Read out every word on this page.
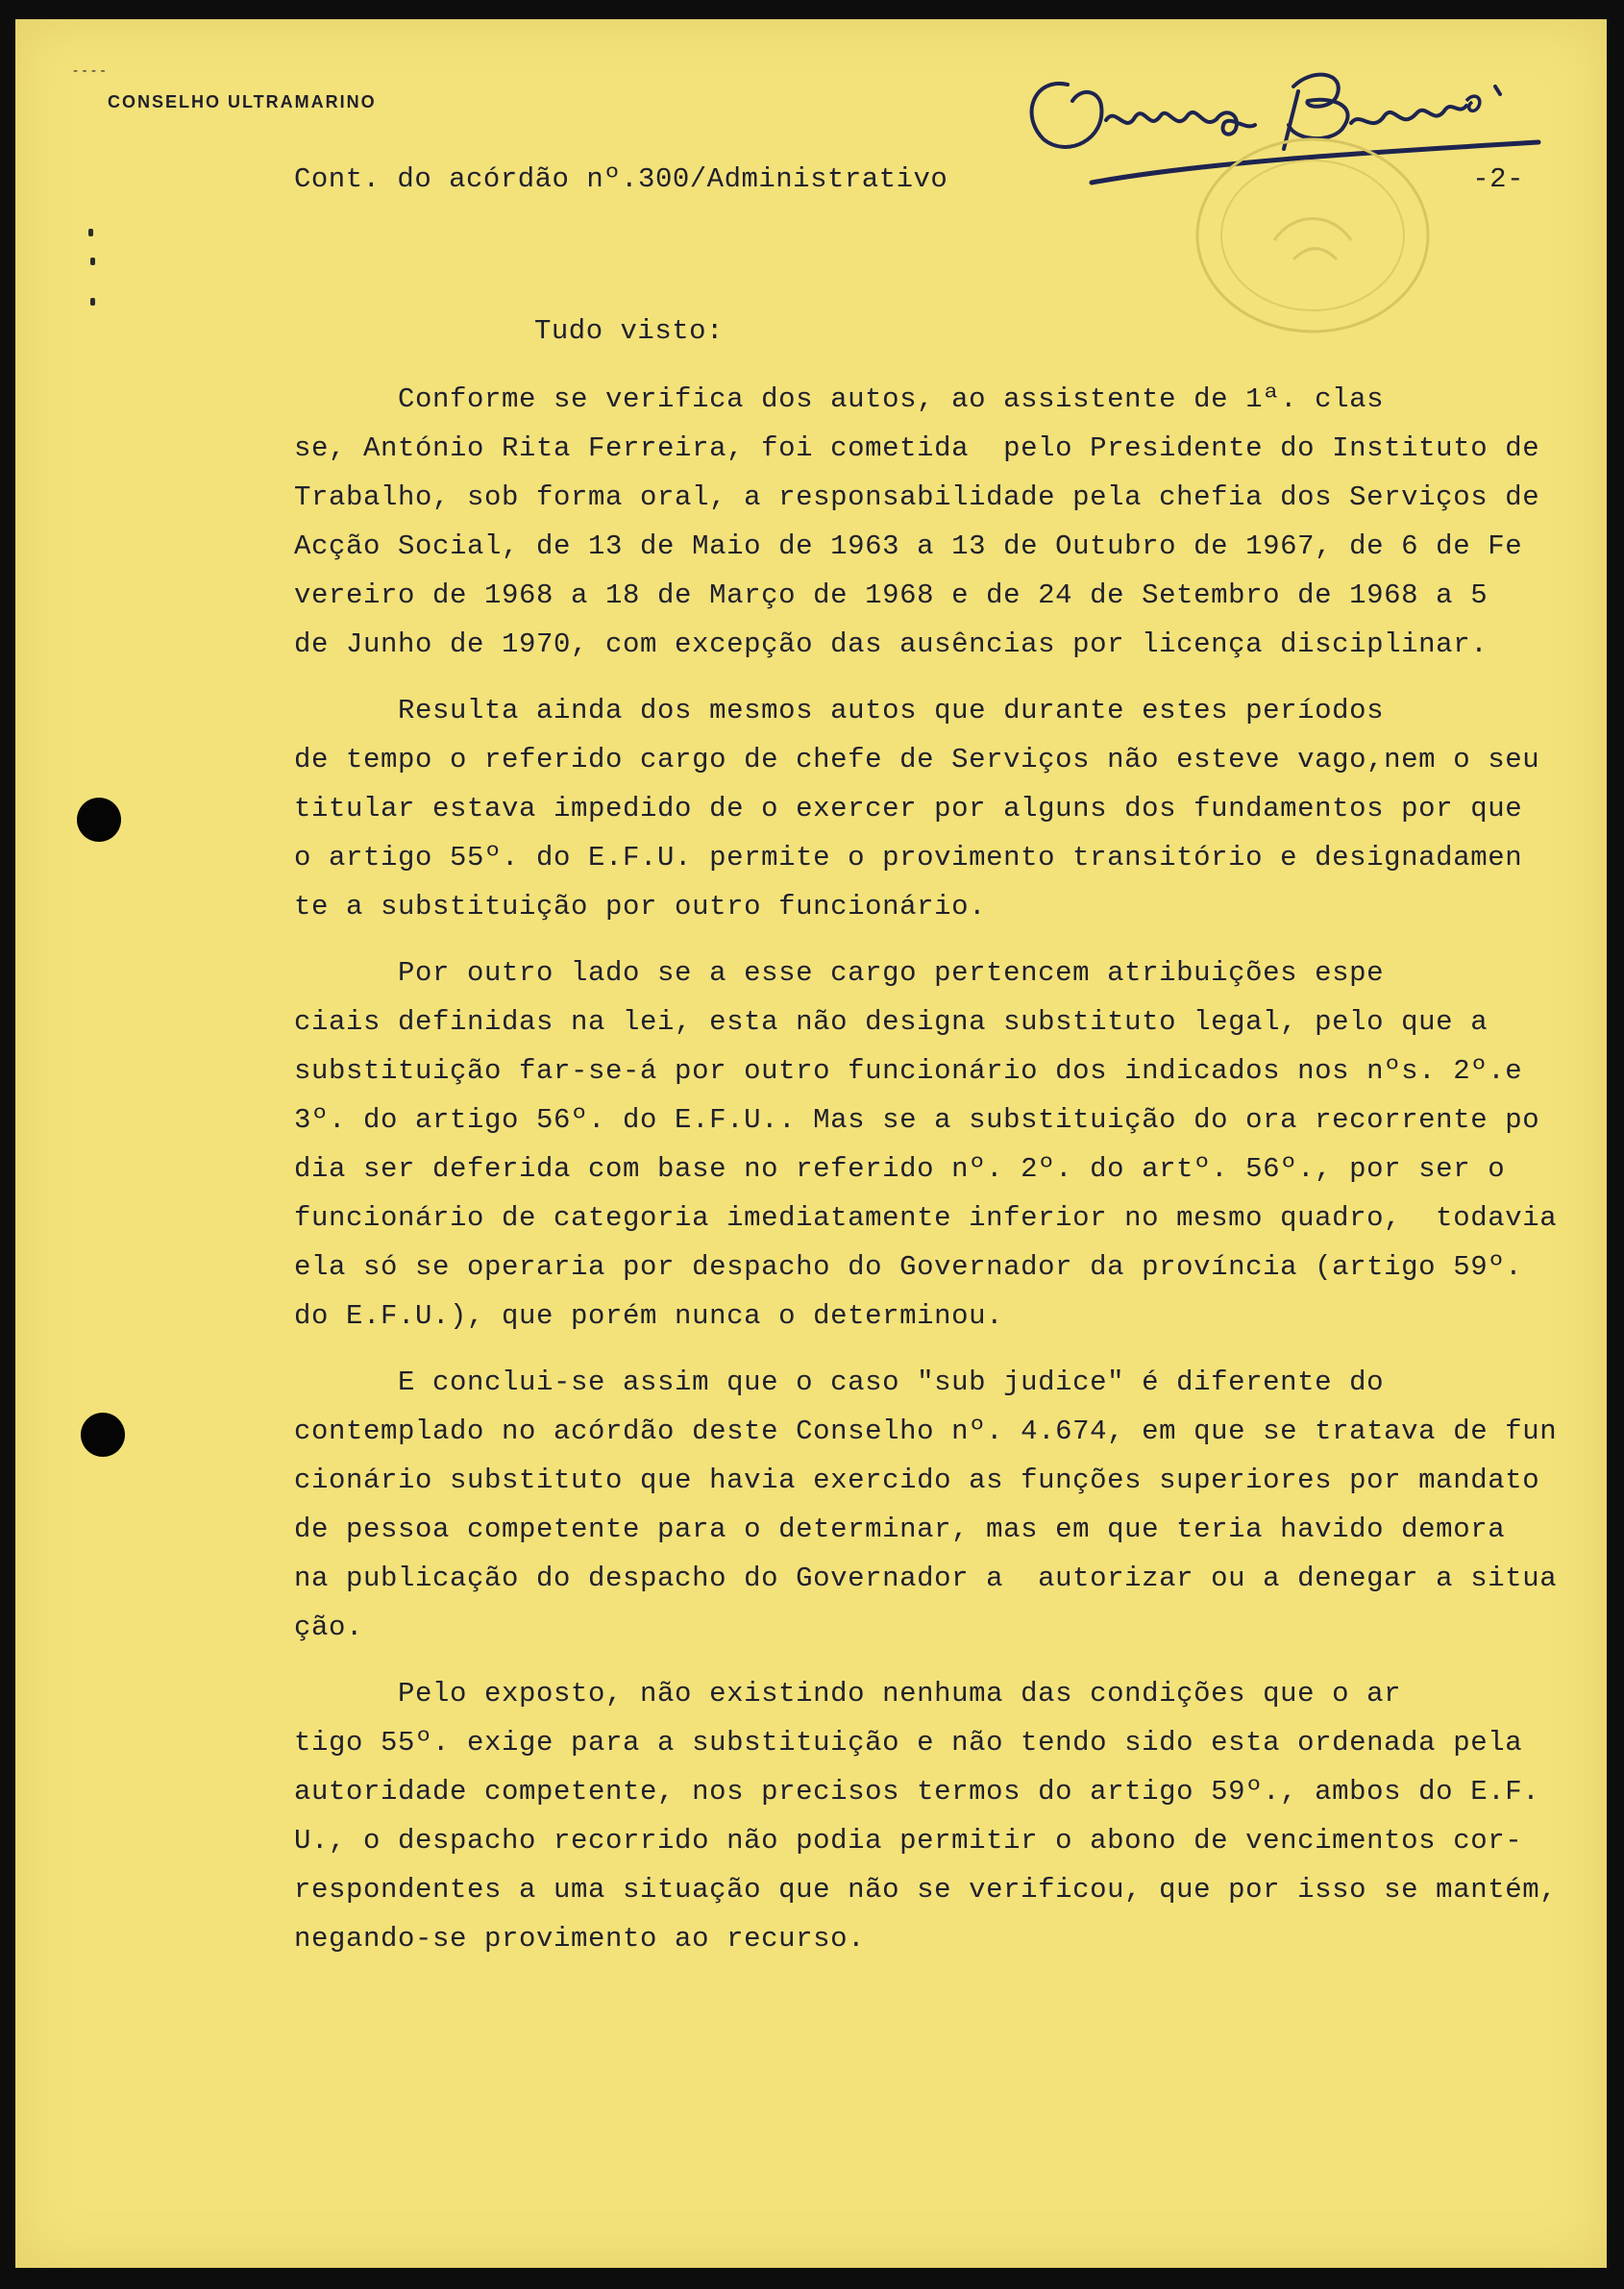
- - - -
CONSELHO ULTRAMARINO
Cont. do acórdão nº.300/Administrativo	-2-
Tudo visto:

Conforme se verifica dos autos, ao assistente de 1ª. clas

se, António Rita Ferreira, foi cometida  pelo Presidente do Instituto de

Trabalho, sob forma oral, a responsabilidade pela chefia dos Serviços de

Acção Social, de 13 de Maio de 1963 a 13 de Outubro de 1967, de 6 de Fe

vereiro de 1968 a 18 de Março de 1968 e de 24 de Setembro de 1968 a 5

de Junho de 1970, com excepção das ausências por licença disciplinar.

Resulta ainda dos mesmos autos que durante estes períodos

de tempo o referido cargo de chefe de Serviços não esteve vago,nem o seu

titular estava impedido de o exercer por alguns dos fundamentos por que

o artigo 55º. do E.F.U. permite o provimento transitório e designadamen

te a substituição por outro funcionário.

Por outro lado se a esse cargo pertencem atribuições espe

ciais definidas na lei, esta não designa substituto legal, pelo que a

substituição far-se-á por outro funcionário dos indicados nos nºs. 2º.e

3º. do artigo 56º. do E.F.U.. Mas se a substituição do ora recorrente po

dia ser deferida com base no referido nº. 2º. do artº. 56º., por ser o

funcionário de categoria imediatamente inferior no mesmo quadro,  todavia

ela só se operaria por despacho do Governador da província (artigo 59º.

do E.F.U.), que porém nunca o determinou.

E conclui-se assim que o caso "sub judice" é diferente do

contemplado no acórdão deste Conselho nº. 4.674, em que se tratava de fun

cionário substituto que havia exercido as funções superiores por mandato

de pessoa competente para o determinar, mas em que teria havido demora

na publicação do despacho do Governador a  autorizar ou a denegar a situa

ção.

Pelo exposto, não existindo nenhuma das condições que o ar

tigo 55º. exige para a substituição e não tendo sido esta ordenada pela

autoridade competente, nos precisos termos do artigo 59º., ambos do E.F.

U., o despacho recorrido não podia permitir o abono de vencimentos cor-

respondentes a uma situação que não se verificou, que por isso se mantém,

negando-se provimento ao recurso.
